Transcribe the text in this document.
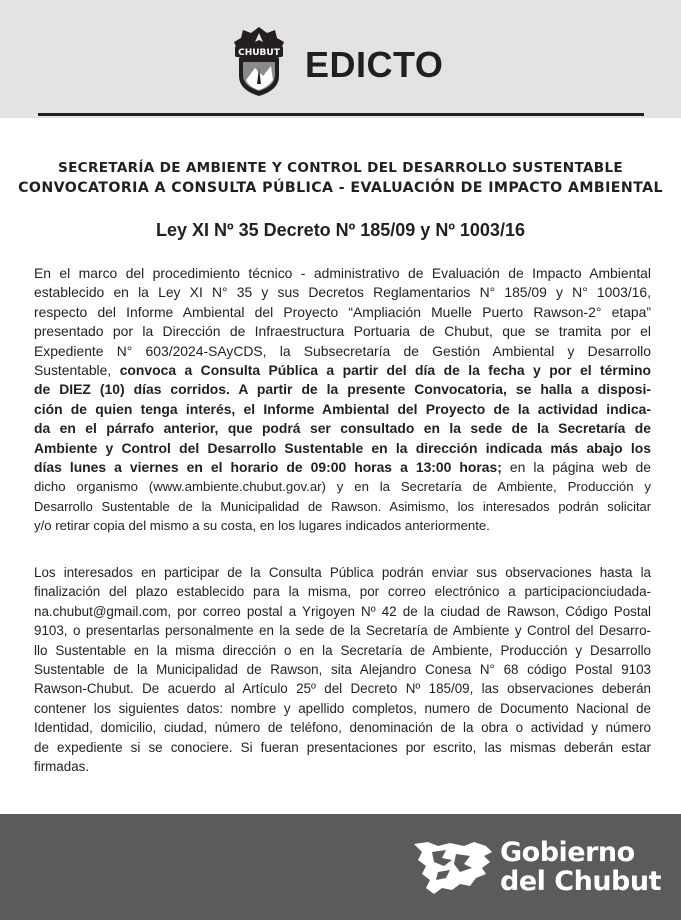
CHUBUT EDICTO
SECRETARÍA DE AMBIENTE Y CONTROL DEL DESARROLLO SUSTENTABLE
CONVOCATORIA A CONSULTA PÚBLICA - EVALUACIÓN DE IMPACTO AMBIENTAL
Ley XI Nº 35 Decreto Nº 185/09 y Nº 1003/16
En el marco del procedimiento técnico - administrativo de Evaluación de Impacto Ambiental
establecido en la Ley XI N° 35 y sus Decretos Reglamentarios N° 185/09 y N° 1003/16,
respecto del Informe Ambiental del Proyecto “Ampliación Muelle Puerto Rawson-2° etapa”
presentado por la Dirección de Infraestructura Portuaria de Chubut, que se tramita por el
Expediente N° 603/2024-SAyCDS, la Subsecretaría de Gestión Ambiental y Desarrollo
Sustentable, convoca a Consulta Pública a partir del día de la fecha y por el término
de DIEZ (10) días corridos. A partir de la presente Convocatoria, se halla a disposi-
ción de quien tenga interés, el Informe Ambiental del Proyecto de la actividad indica-
da en el párrafo anterior, que podrá ser consultado en la sede de la Secretaría de
Ambiente y Control del Desarrollo Sustentable en la dirección indicada más abajo los
días lunes a viernes en el horario de 09:00 horas a 13:00 horas; en la página web de
dicho organismo (www.ambiente.chubut.gov.ar) y en la Secretaría de Ambiente, Producción y
Desarrollo Sustentable de la Municipalidad de Rawson. Asimismo, los interesados podrán solicitar
y/o retirar copia del mismo a su costa, en los lugares indicados anteriormente.
Los interesados en participar de la Consulta Pública podrán enviar sus observaciones hasta la
finalización del plazo establecido para la misma, por correo electrónico a participacionciudada-
na.chubut@gmail.com, por correo postal a Yrigoyen Nº 42 de la ciudad de Rawson, Código Postal
9103, o presentarlas personalmente en la sede de la Secretaría de Ambiente y Control del Desarro-
llo Sustentable en la misma dirección o en la Secretaría de Ambiente, Producción y Desarrollo
Sustentable de la Municipalidad de Rawson, sita Alejandro Conesa N° 68 código Postal 9103
Rawson-Chubut. De acuerdo al Artículo 25º del Decreto Nº 185/09, las observaciones deberán
contener los siguientes datos: nombre y apellido completos, numero de Documento Nacional de
Identidad, domicilio, ciudad, número de teléfono, denominación de la obra o actividad y número
de expediente si se conociere. Si fueran presentaciones por escrito, las mismas deberán estar
firmadas.
Gobierno
del Chubut
